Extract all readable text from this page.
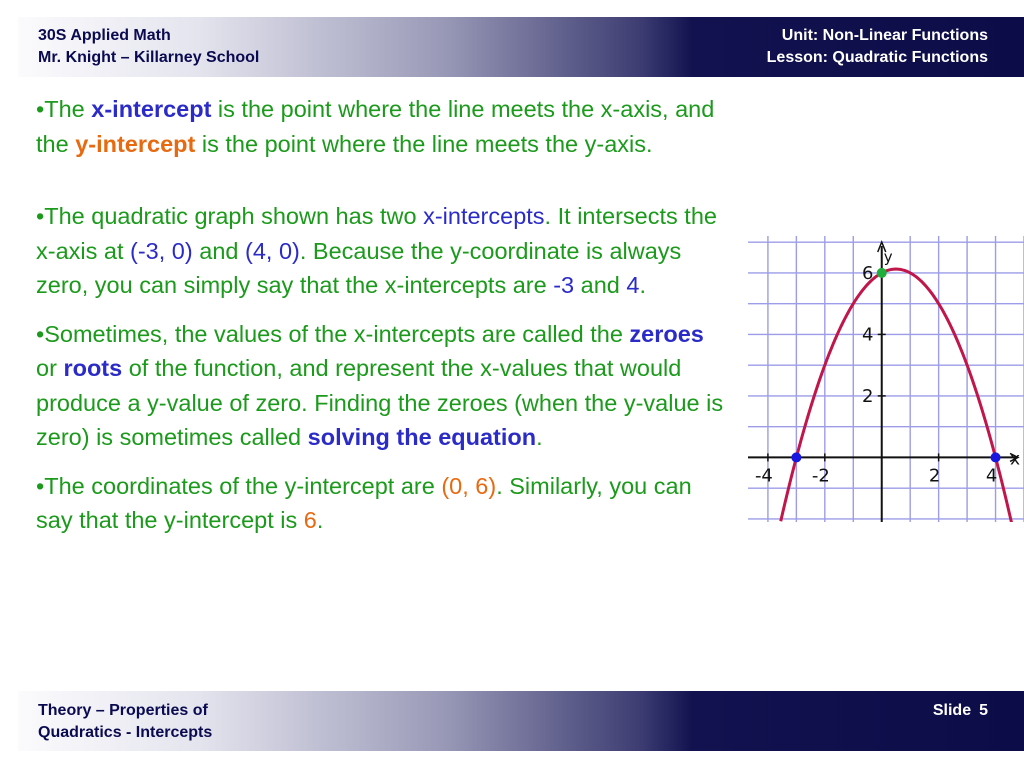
30S Applied Math
Mr. Knight – Killarney School
Unit: Non-Linear Functions
Lesson: Quadratic Functions

•The x-intercept is the point where the line meets the x-axis, and the y-intercept is the point where the line meets the y-axis.

•The quadratic graph shown has two x-intercepts. It intersects the x-axis at (-3, 0) and (4, 0). Because the y-coordinate is always zero, you can simply say that the x-intercepts are -3 and 4.

•Sometimes, the values of the x-intercepts are called the zeroes or roots of the function, and represent the x-values that would produce a y-value of zero. Finding the zeroes (when the y-value is zero) is sometimes called solving the equation.

•The coordinates of the y-intercept are (0, 6). Similarly, you can say that the y-intercept is 6.

-4 -2	2	4
2
4
6
x
y
Theory – Properties of
Quadratics - Intercepts
Slide 5
